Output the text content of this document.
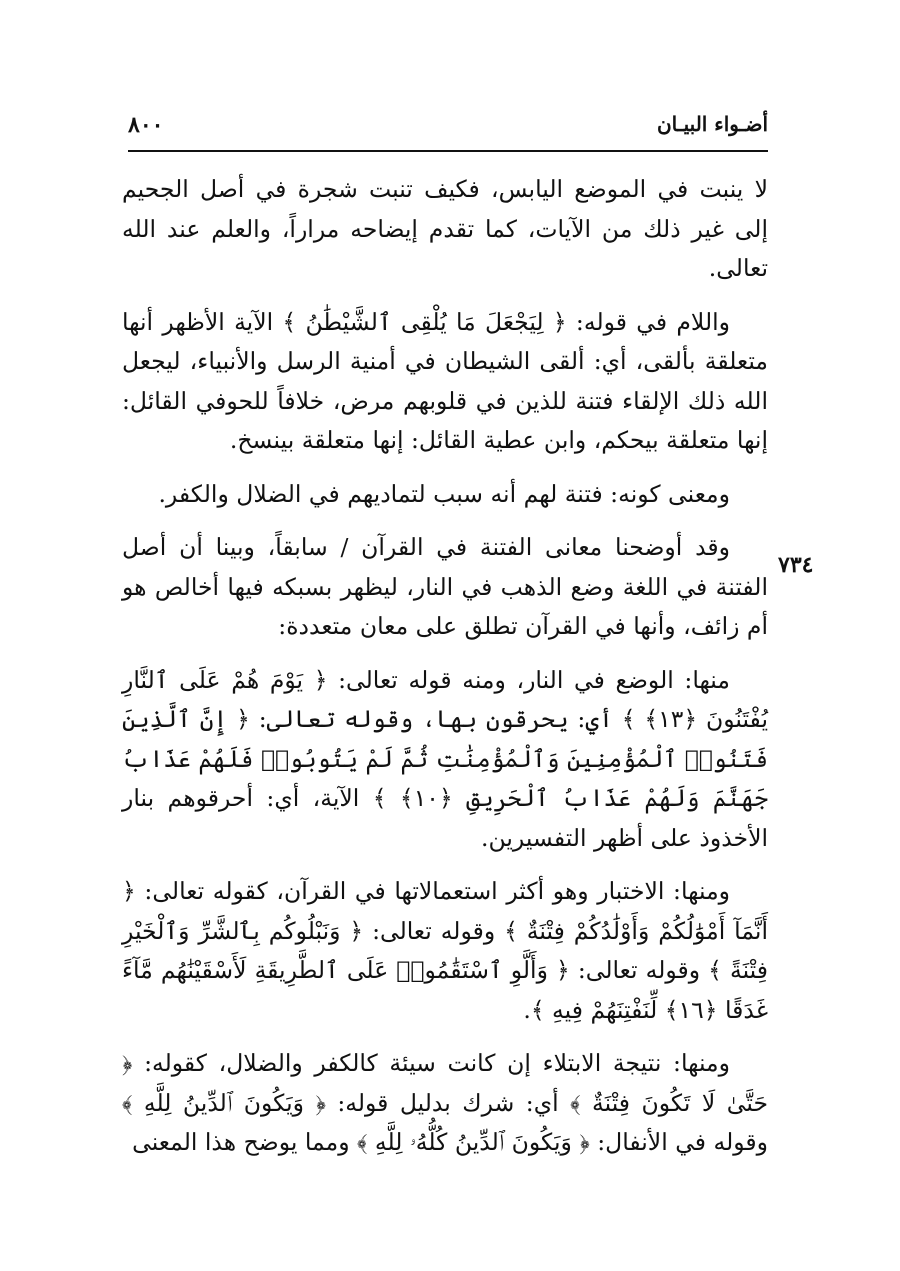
٨٠٠	أضـواء البيـان
٧٣٤

لا ينبت في الموضع اليابس، فكيف تنبت شجرة في أصل الجحيم إلى غير ذلك من الآيات، كما تقدم إيضاحه مراراً، والعلم عند الله تعالى.

واللام في قوله: ﴿ لِيَجْعَلَ مَا يُلْقِى ٱلشَّيْطَٰنُ ﴾ الآية الأظهر أنها متعلقة بألقى، أي: ألقى الشيطان في أمنية الرسل والأنبياء، ليجعل الله ذلك الإلقاء فتنة للذين في قلوبهم مرض، خلافاً للحوفي القائل: إنها متعلقة بيحكم، وابن عطية القائل: إنها متعلقة بينسخ.

ومعنى كونه: فتنة لهم أنه سبب لتماديهم في الضلال والكفر.

وقد أوضحنا معانى الفتنة في القرآن / سابقاً، وبينا أن أصل الفتنة في اللغة وضع الذهب في النار، ليظهر بسبكه فيها أخالص هو أم زائف، وأنها في القرآن تطلق على معان متعددة:

منها: الوضع في النار، ومنه قوله تعالى: ﴿ يَوْمَ هُمْ عَلَى ٱلنَّارِ يُفْتَنُونَ ﴿١٣﴾ ﴾ أي: يحرقون بها، وقوله تعالى: ﴿ إِنَّ ٱلَّذِينَ فَتَنُوا۟ ٱلْمُؤْمِنِينَ وَٱلْمُؤْمِنَٰتِ ثُمَّ لَمْ يَتُوبُوا۟ فَلَهُمْ عَذَابُ جَهَنَّمَ وَلَهُمْ عَذَابُ ٱلْحَرِيقِ ﴿١٠﴾ ﴾ الآية، أي: أحرقوهم بنار الأخذوذ على أظهر التفسيرين.

ومنها: الاختبار وهو أكثر استعمالاتها في القرآن، كقوله تعالى: ﴿ أَنَّمَآ أَمْوَٰلُكُمْ وَأَوْلَٰدُكُمْ فِتْنَةٌ ﴾ وقوله تعالى: ﴿ وَنَبْلُوكُم بِٱلشَّرِّ وَٱلْخَيْرِ فِتْنَةً ﴾ وقوله تعالى: ﴿ وَأَلَّوِ ٱسْتَقَٰمُوا۟ عَلَى ٱلطَّرِيقَةِ لَأَسْقَيْنَٰهُم مَّآءً غَدَقًا ﴿١٦﴾ لِّنَفْتِنَهُمْ فِيهِ ﴾.

ومنها: نتيجة الابتلاء إن كانت سيئة كالكفر والضلال، كقوله: ﴿ حَتَّىٰ لَا تَكُونَ فِتْنَةٌ ﴾ أي: شرك بدليل قوله: ﴿ وَيَكُونَ ٱلدِّينُ لِلَّهِ ﴾ وقوله في الأنفال: ﴿ وَيَكُونَ ٱلدِّينُ كُلُّهُۥ لِلَّهِ ﴾ ومما يوضح هذا المعنى
